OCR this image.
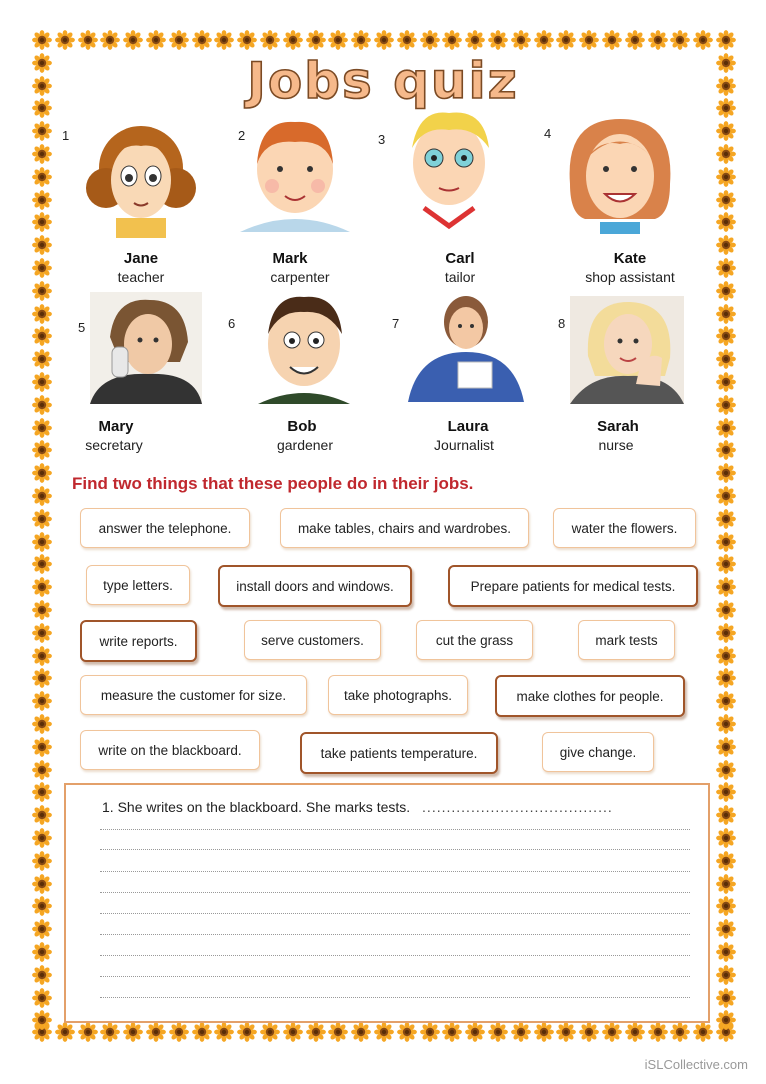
Jobs quiz
1
Jane
teacher
2
Mark
carpenter
3
Carl
tailor
4
Kate
shop assistant
5
Mary
secretary
6
Bob
gardener
7
Laura
Journalist
8
Sarah
nurse
Find two things that these people do in their jobs.
answer the telephone.	make tables, chairs and wardrobes.	water the flowers.
type letters.	install doors and windows.	Prepare patients for medical tests.
write reports.	serve customers.	cut the grass	mark tests
measure the customer for size.	take photographs.	make clothes for people.
write on the blackboard.	take patients temperature.	give change.
1. She writes on the blackboard. She marks tests. .......................................
iSLCollective.com
